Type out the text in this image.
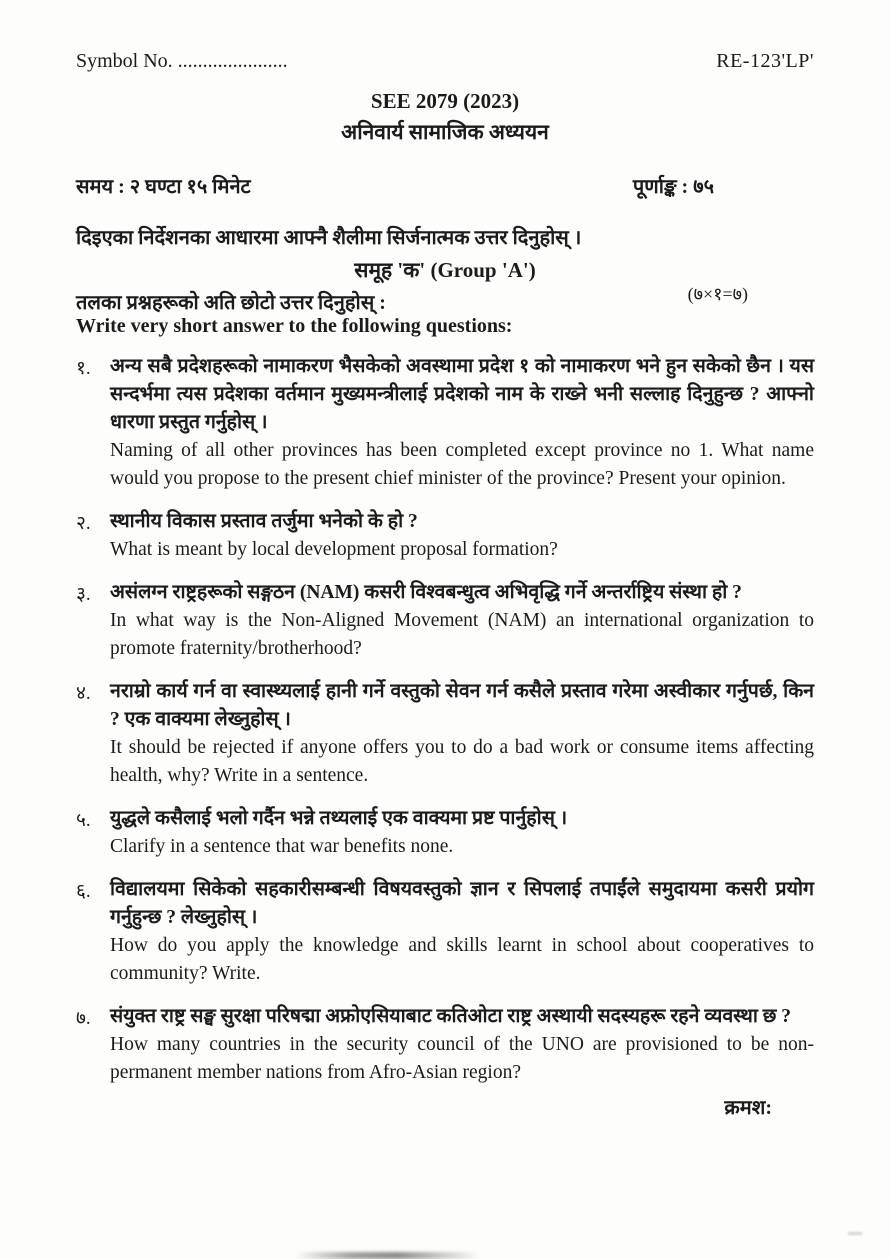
Symbol No. ......................	RE-123'LP'
SEE 2079 (2023)
अनिवार्य सामाजिक अध्ययन
समय : २ घण्टा १५ मिनेट	पूर्णाङ्क : ७५
दिइएका निर्देशनका आधारमा आफ्नै शैलीमा सिर्जनात्मक उत्तर दिनुहोस् ।
समूह 'क' (Group 'A')
तलका प्रश्नहरूको अति छोटो उत्तर दिनुहोस् :	(७×१=७)
Write very short answer to the following questions:
१. अन्य सबै प्रदेशहरूको नामाकरण भैसकेको अवस्थामा प्रदेश १ को नामाकरण भने हुन सकेको छैन । यस सन्दर्भमा त्यस प्रदेशका वर्तमान मुख्यमन्त्रीलाई प्रदेशको नाम के राख्ने भनी सल्लाह दिनुहुन्छ ? आफ्नो धारणा प्रस्तुत गर्नुहोस् ।
Naming of all other provinces has been completed except province no 1. What name would you propose to the present chief minister of the province? Present your opinion.
२. स्थानीय विकास प्रस्ताव तर्जुमा भनेको के हो ?
What is meant by local development proposal formation?
३. असंलग्न राष्ट्रहरूको सङ्गठन (NAM) कसरी विश्वबन्धुत्व अभिवृद्धि गर्ने अन्तर्राष्ट्रिय संस्था हो ?
In what way is the Non-Aligned Movement (NAM) an international organization to promote fraternity/brotherhood?
४. नराम्रो कार्य गर्न वा स्वास्थ्यलाई हानी गर्ने वस्तुको सेवन गर्न कसैले प्रस्ताव गरेमा अस्वीकार गर्नुपर्छ, किन ? एक वाक्यमा लेख्नुहोस् ।
It should be rejected if anyone offers you to do a bad work or consume items affecting health, why? Write in a sentence.
५. युद्धले कसैलाई भलो गर्दैन भन्ने तथ्यलाई एक वाक्यमा प्रष्ट पार्नुहोस् ।
Clarify in a sentence that war benefits none.
६. विद्यालयमा सिकेको सहकारीसम्बन्धी विषयवस्तुको ज्ञान र सिपलाई तपाईंले समुदायमा कसरी प्रयोग गर्नुहुन्छ ? लेख्नुहोस् ।
How do you apply the knowledge and skills learnt in school about cooperatives to community? Write.
७. संयुक्त राष्ट्र सङ्घ सुरक्षा परिषद्मा अफ्रोएसियाबाट कतिओटा राष्ट्र अस्थायी सदस्यहरू रहने व्यवस्था छ ?
How many countries in the security council of the UNO are provisioned to be non-permanent member nations from Afro-Asian region?
क्रमश:
